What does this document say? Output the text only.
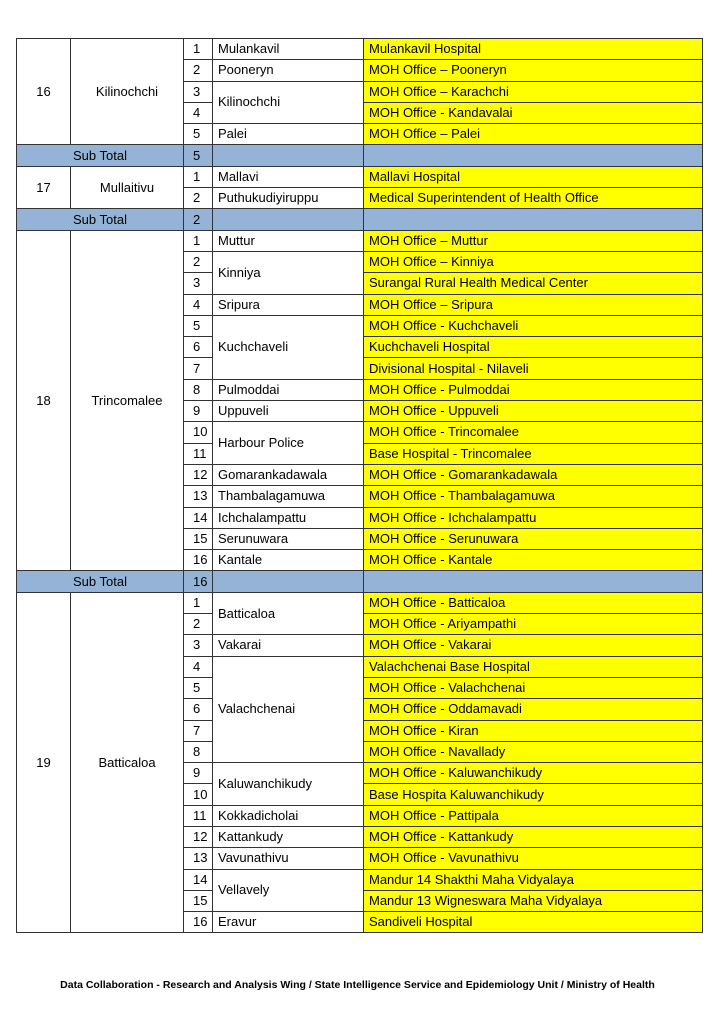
16	Kilinochchi	1	Mulankavil	Mulankavil Hospital
		2	Pooneryn	MOH Office – Pooneryn
		3	Kilinochchi	MOH Office – Karachchi
		4		MOH Office - Kandavalai
		5	Palei	MOH Office – Palei
Sub Total		5		
17	Mullaitivu	1	Mallavi	Mallavi Hospital
		2	Puthukudiyiruppu	Medical Superintendent of Health Office
Sub Total		2		
18	Trincomalee	1	Muttur	MOH Office – Muttur
		2	Kinniya	MOH Office – Kinniya
		3		Surangal Rural Health Medical Center
		4	Sripura	MOH Office – Sripura
		5	Kuchchaveli	MOH Office - Kuchchaveli
		6		Kuchchaveli Hospital
		7		Divisional Hospital - Nilaveli
		8	Pulmoddai	MOH Office - Pulmoddai
		9	Uppuveli	MOH Office - Uppuveli
		10	Harbour Police	MOH Office - Trincomalee
		11		Base Hospital - Trincomalee
		12	Gomarankadawala	MOH Office - Gomarankadawala
		13	Thambalagamuwa	MOH Office - Thambalagamuwa
		14	Ichchalampattu	MOH Office - Ichchalampattu
		15	Serunuwara	MOH Office - Serunuwara
		16	Kantale	MOH Office - Kantale
Sub Total		16		
19	Batticaloa	1	Batticaloa	MOH Office - Batticaloa
		2		MOH Office - Ariyampathi
		3	Vakarai	MOH Office - Vakarai
		4	Valachchenai	Valachchenai Base Hospital
		5		MOH Office - Valachchenai
		6		MOH Office - Oddamavadi
		7		MOH Office - Kiran
		8		MOH Office - Navallady
		9	Kaluwanchikudy	MOH Office - Kaluwanchikudy
		10		Base Hospita Kaluwanchikudy
		11	Kokkadicholai	MOH Office - Pattipala
		12	Kattankudy	MOH Office - Kattankudy
		13	Vavunathivu	MOH Office - Vavunathivu
		14	Vellavely	Mandur 14 Shakthi Maha Vidyalaya
		15		Mandur 13 Wigneswara Maha Vidyalaya
		16	Eravur	Sandiveli Hospital
Data Collaboration - Research and Analysis Wing / State Intelligence Service and Epidemiology Unit / Ministry of Health
